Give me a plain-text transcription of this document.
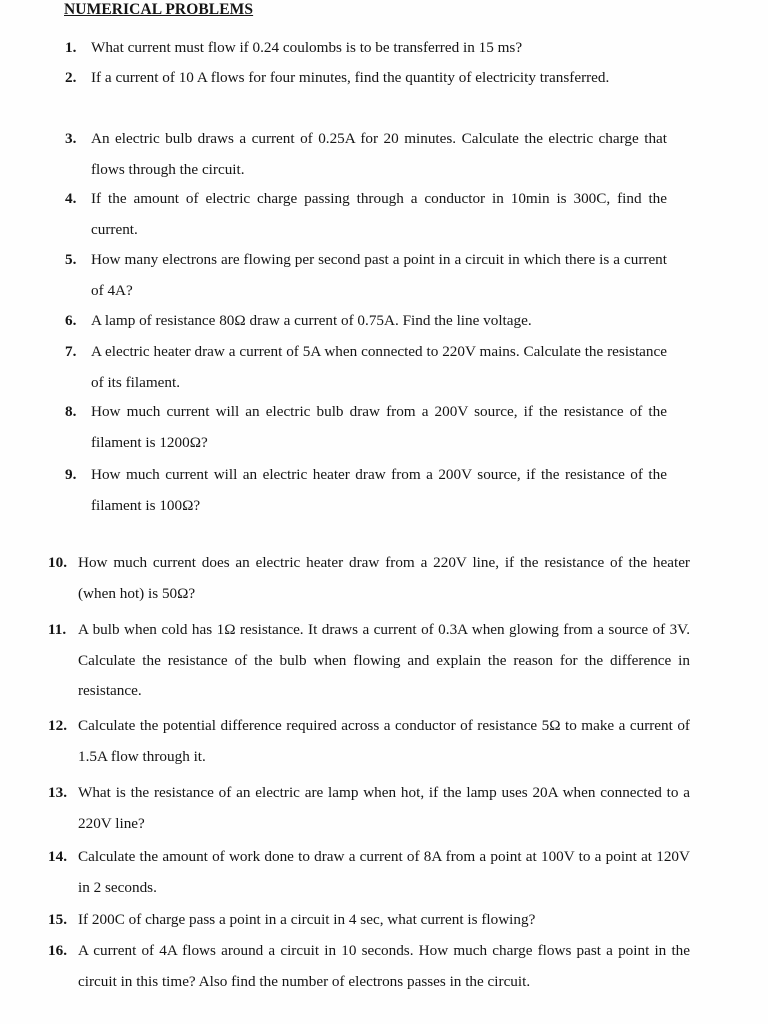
NUMERICAL PROBLEMS
1. What current must flow if 0.24 coulombs is to be transferred in 15 ms?
2. If a current of 10 A flows for four minutes, find the quantity of electricity transferred.
3. An electric bulb draws a current of 0.25A for 20 minutes. Calculate the electric charge that flows through the circuit.
4. If the amount of electric charge passing through a conductor in 10min is 300C, find the current.
5. How many electrons are flowing per second past a point in a circuit in which there is a current of 4A?
6. A lamp of resistance 80Ω draw a current of 0.75A. Find the line voltage.
7. A electric heater draw a current of 5A when connected to 220V mains. Calculate the resistance of its filament.
8. How much current will an electric bulb draw from a 200V source, if the resistance of the filament is 1200Ω?
9. How much current will an electric heater draw from a 200V source, if the resistance of the filament is 100Ω?
10. How much current does an electric heater draw from a 220V line, if the resistance of the heater (when hot) is 50Ω?
11. A bulb when cold has 1Ω resistance. It draws a current of 0.3A when glowing from a source of 3V. Calculate the resistance of the bulb when flowing and explain the reason for the difference in resistance.
12. Calculate the potential difference required across a conductor of resistance 5Ω to make a current of 1.5A flow through it.
13. What is the resistance of an electric are lamp when hot, if the lamp uses 20A when connected to a 220V line?
14. Calculate the amount of work done to draw a current of 8A from a point at 100V to a point at 120V in 2 seconds.
15. If 200C of charge pass a point in a circuit in 4 sec, what current is flowing?
16. A current of 4A flows around a circuit in 10 seconds. How much charge flows past a point in the circuit in this time? Also find the number of electrons passes in the circuit.
